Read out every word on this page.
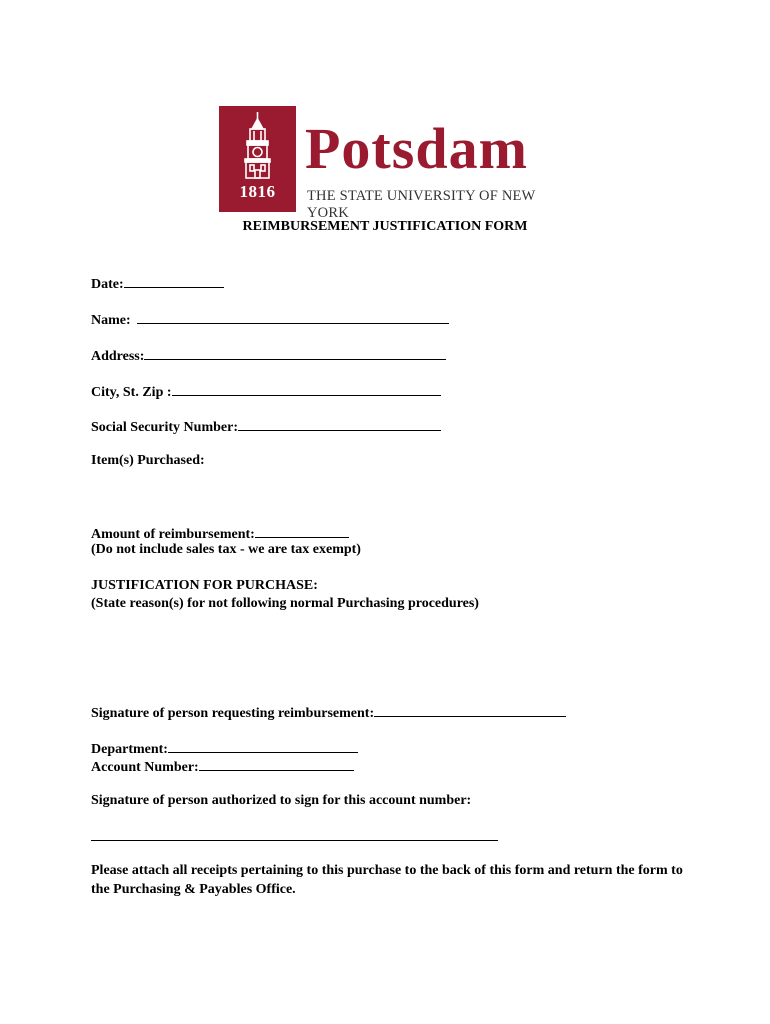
1816
Potsdam
THE STATE UNIVERSITY OF NEW YORK
REIMBURSEMENT JUSTIFICATION FORM
Date:
Name:
Address:
City, St. Zip :
Social Security Number:
Item(s) Purchased:
Amount of reimbursement:
(Do not include sales tax - we are tax exempt)
JUSTIFICATION FOR PURCHASE:
(State reason(s) for not following normal Purchasing procedures)
Signature of person requesting reimbursement:
Department:
Account Number:
Signature of person authorized to sign for this account number:
Please attach all receipts pertaining to this purchase to the back of this form and return the form to the Purchasing & Payables Office.
